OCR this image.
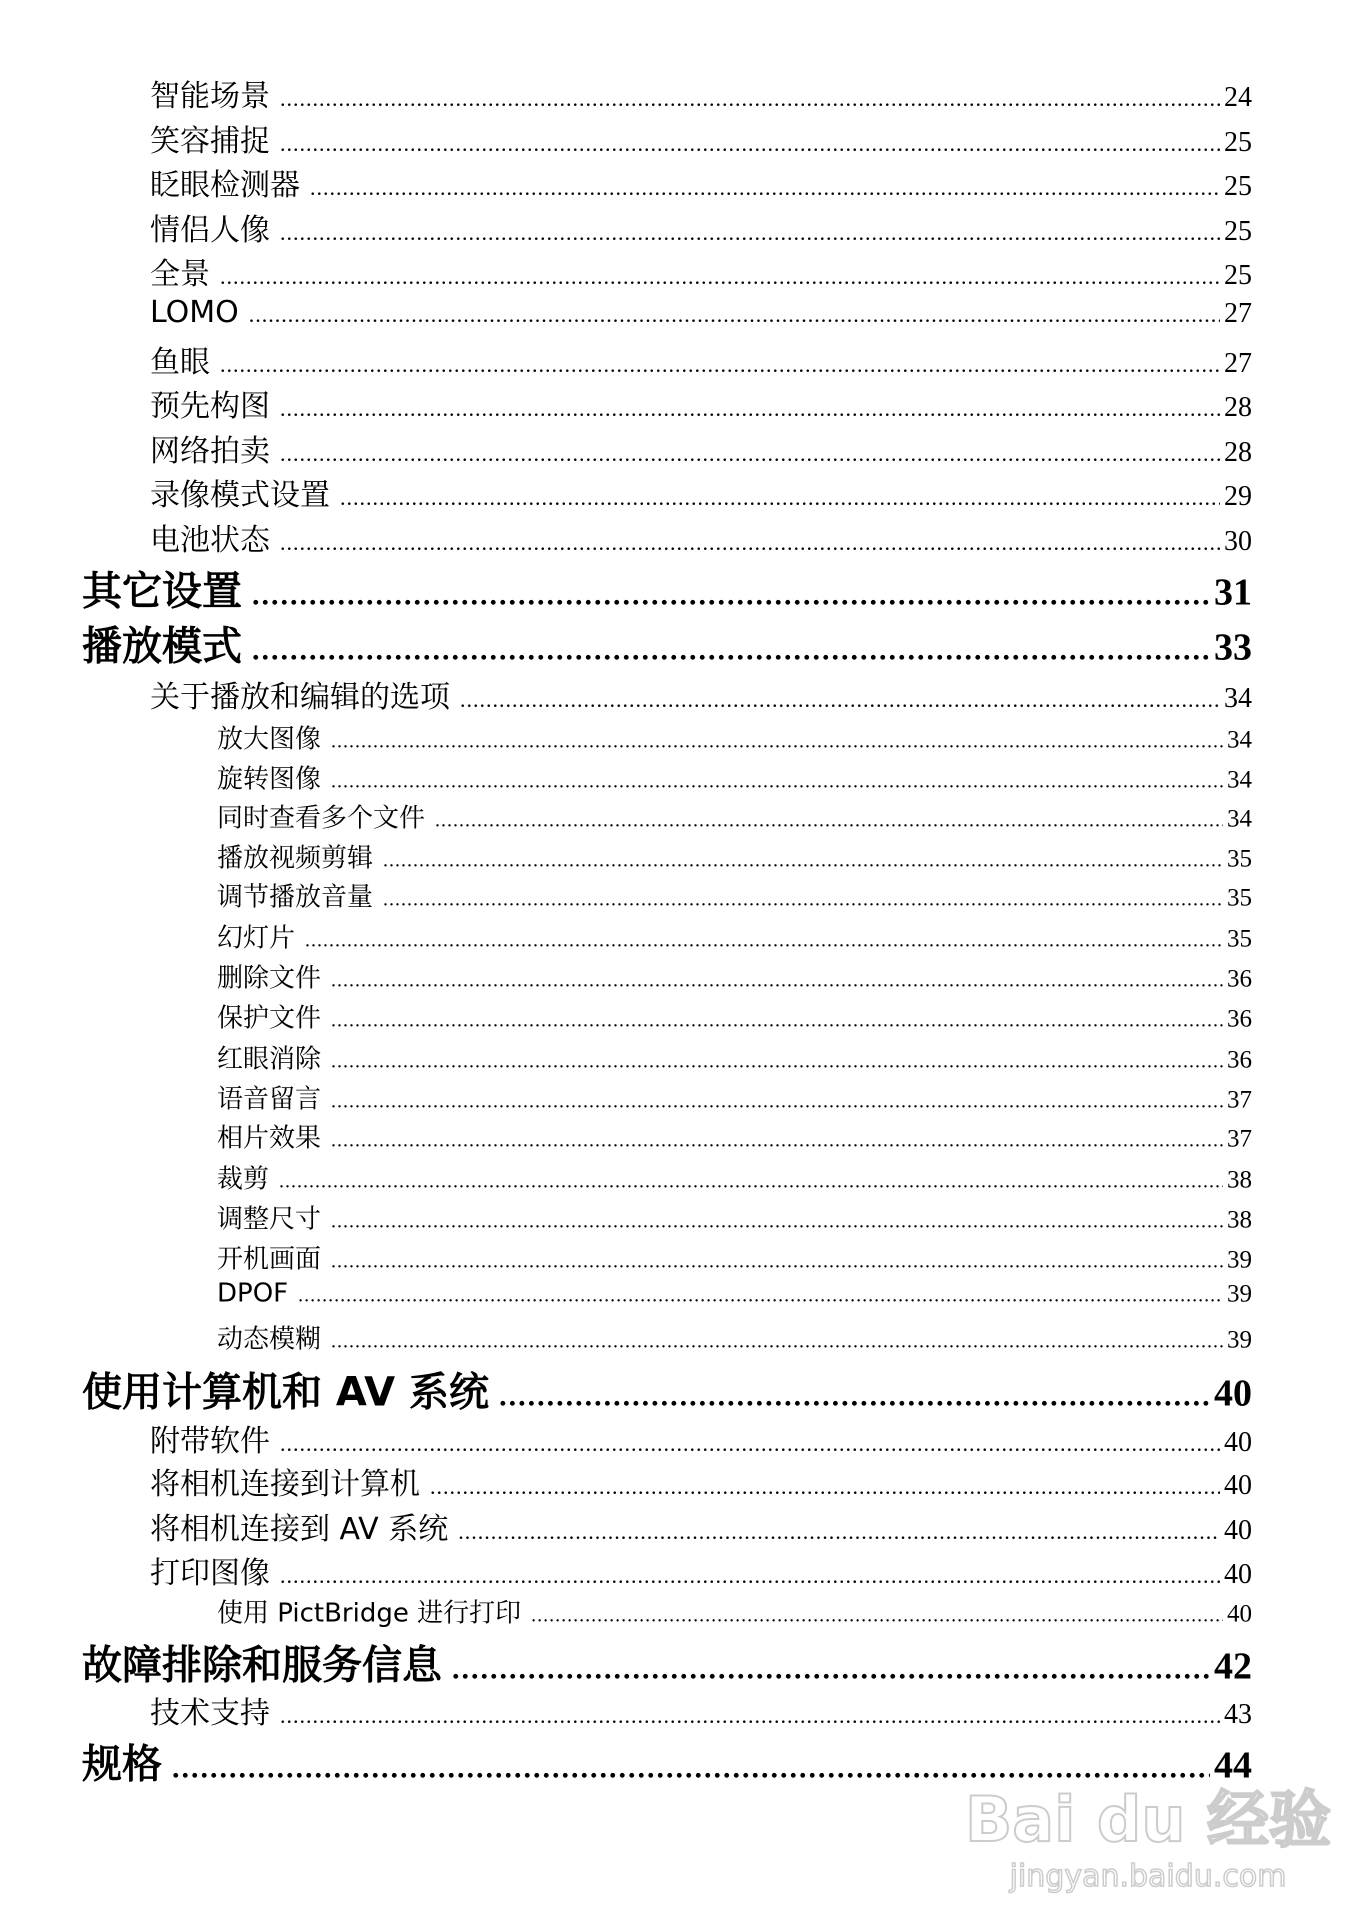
智能场景 .....	24
笑容捕捉 .....	25
眨眼检测器 .....	25
情侣人像 .....	25
全景 .....	25
LOMO .....	27
鱼眼 .....	27
预先构图 .....	28
网络拍卖 .....	28
录像模式设置 .....	29
电池状态 .....	30
其它设置 .....	31
播放模式 .....	33
关于播放和编辑的选项 .....	34
放大图像 .....	34
旋转图像 .....	34
同时查看多个文件 .....	34
播放视频剪辑 .....	35
调节播放音量 .....	35
幻灯片 .....	35
删除文件 .....	36
保护文件 .....	36
红眼消除 .....	36
语音留言 .....	37
相片效果 .....	37
裁剪 .....	38
调整尺寸 .....	38
开机画面 .....	39
DPOF .....	39
动态模糊 .....	39
使用计算机和 AV 系统 .....	40
附带软件 .....	40
将相机连接到计算机 .....	40
将相机连接到 AV 系统 .....	40
打印图像 .....	40
使用 PictBridge 进行打印 .....	40
故障排除和服务信息 .....	42
技术支持 .....	43
规格 .....	44
Bai du 经验
jingyan.baidu.com
